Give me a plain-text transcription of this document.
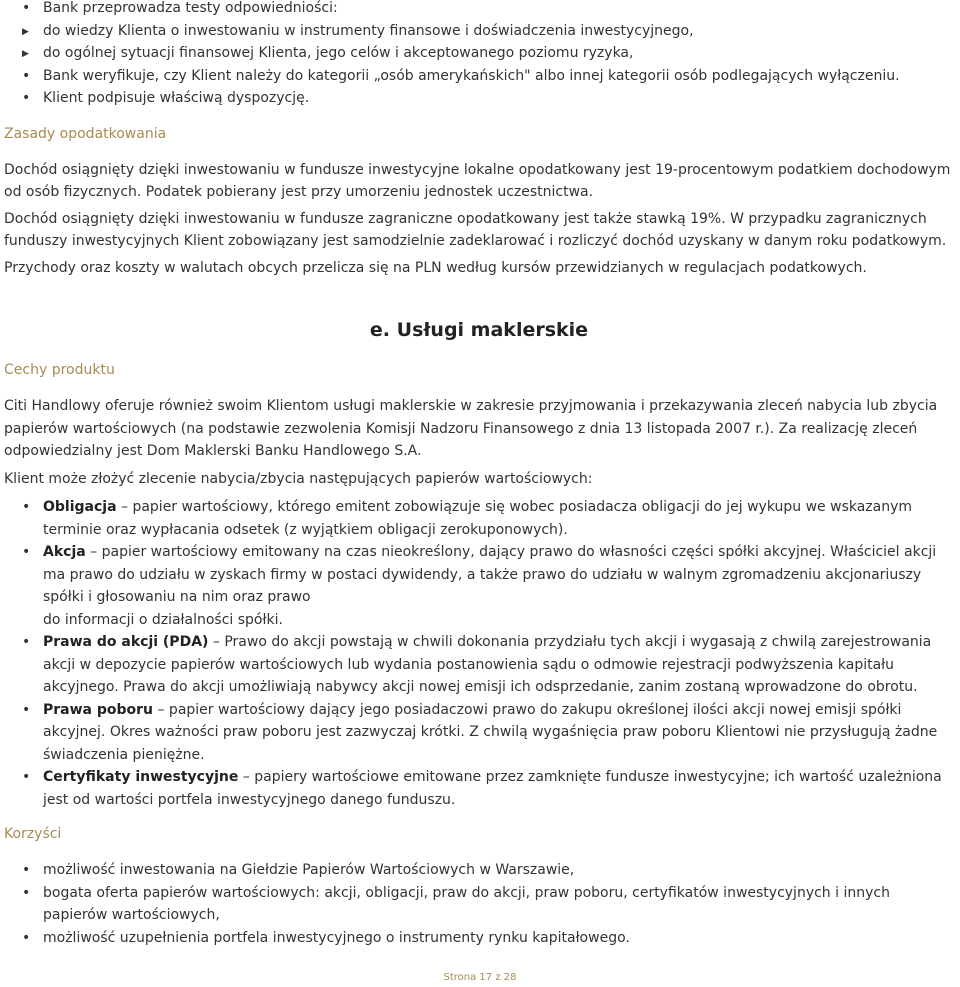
• Bank przeprowadza testy odpowiedniości:
▶ do wiedzy Klienta o inwestowaniu w instrumenty finansowe i doświadczenia inwestycyjnego,
▶ do ogólnej sytuacji finansowej Klienta, jego celów i akceptowanego poziomu ryzyka,
• Bank weryfikuje, czy Klient należy do kategorii „osób amerykańskich" albo innej kategorii osób podlegających wyłączeniu.
• Klient podpisuje właściwą dyspozycję.
Zasady opodatkowania

Dochód osiągnięty dzięki inwestowaniu w fundusze inwestycyjne lokalne opodatkowany jest 19-procentowym podatkiem dochodowym od osób fizycznych. Podatek pobierany jest przy umorzeniu jednostek uczestnictwa.

Dochód osiągnięty dzięki inwestowaniu w fundusze zagraniczne opodatkowany jest także stawką 19%. W przypadku zagranicznych funduszy inwestycyjnych Klient zobowiązany jest samodzielnie zadeklarować i rozliczyć dochód uzyskany w danym roku podatkowym.

Przychody oraz koszty w walutach obcych przelicza się na PLN według kursów przewidzianych w regulacjach podatkowych.

e. Usługi maklerskie
Cechy produktu

Citi Handlowy oferuje również swoim Klientom usługi maklerskie w zakresie przyjmowania i przekazywania zleceń nabycia lub zbycia papierów wartościowych (na podstawie zezwolenia Komisji Nadzoru Finansowego z dnia 13 listopada 2007 r.). Za realizację zleceń odpowiedzialny jest Dom Maklerski Banku Handlowego S.A.

Klient może złożyć zlecenie nabycia/zbycia następujących papierów wartościowych:

• Obligacja – papier wartościowy, którego emitent zobowiązuje się wobec posiadacza obligacji do jej wykupu we wskazanym terminie oraz wypłacania odsetek (z wyjątkiem obligacji zerokuponowych).
• Akcja – papier wartościowy emitowany na czas nieokreślony, dający prawo do własności części spółki akcyjnej. Właściciel akcji ma prawo do udziału w zyskach firmy w postaci dywidendy, a także prawo do udziału w walnym zgromadzeniu akcjonariuszy spółki i głosowaniu na nim oraz prawo
do informacji o działalności spółki.
• Prawa do akcji (PDA) – Prawo do akcji powstają w chwili dokonania przydziału tych akcji i wygasają z chwilą zarejestrowania akcji w depozycie papierów wartościowych lub wydania postanowienia sądu o odmowie rejestracji podwyższenia kapitału akcyjnego. Prawa do akcji umożliwiają nabywcy akcji nowej emisji ich odsprzedanie, zanim zostaną wprowadzone do obrotu.
• Prawa poboru – papier wartościowy dający jego posiadaczowi prawo do zakupu określonej ilości akcji nowej emisji spółki akcyjnej. Okres ważności praw poboru jest zazwyczaj krótki. Z chwilą wygaśnięcia praw poboru Klientowi nie przysługują żadne świadczenia pieniężne.
• Certyfikaty inwestycyjne – papiery wartościowe emitowane przez zamknięte fundusze inwestycyjne; ich wartość uzależniona jest od wartości portfela inwestycyjnego danego funduszu.
Korzyści
• możliwość inwestowania na Giełdzie Papierów Wartościowych w Warszawie,
• bogata oferta papierów wartościowych: akcji, obligacji, praw do akcji, praw poboru, certyfikatów inwestycyjnych i innych papierów wartościowych,
• możliwość uzupełnienia portfela inwestycyjnego o instrumenty rynku kapitałowego.
Strona 17 z 28
